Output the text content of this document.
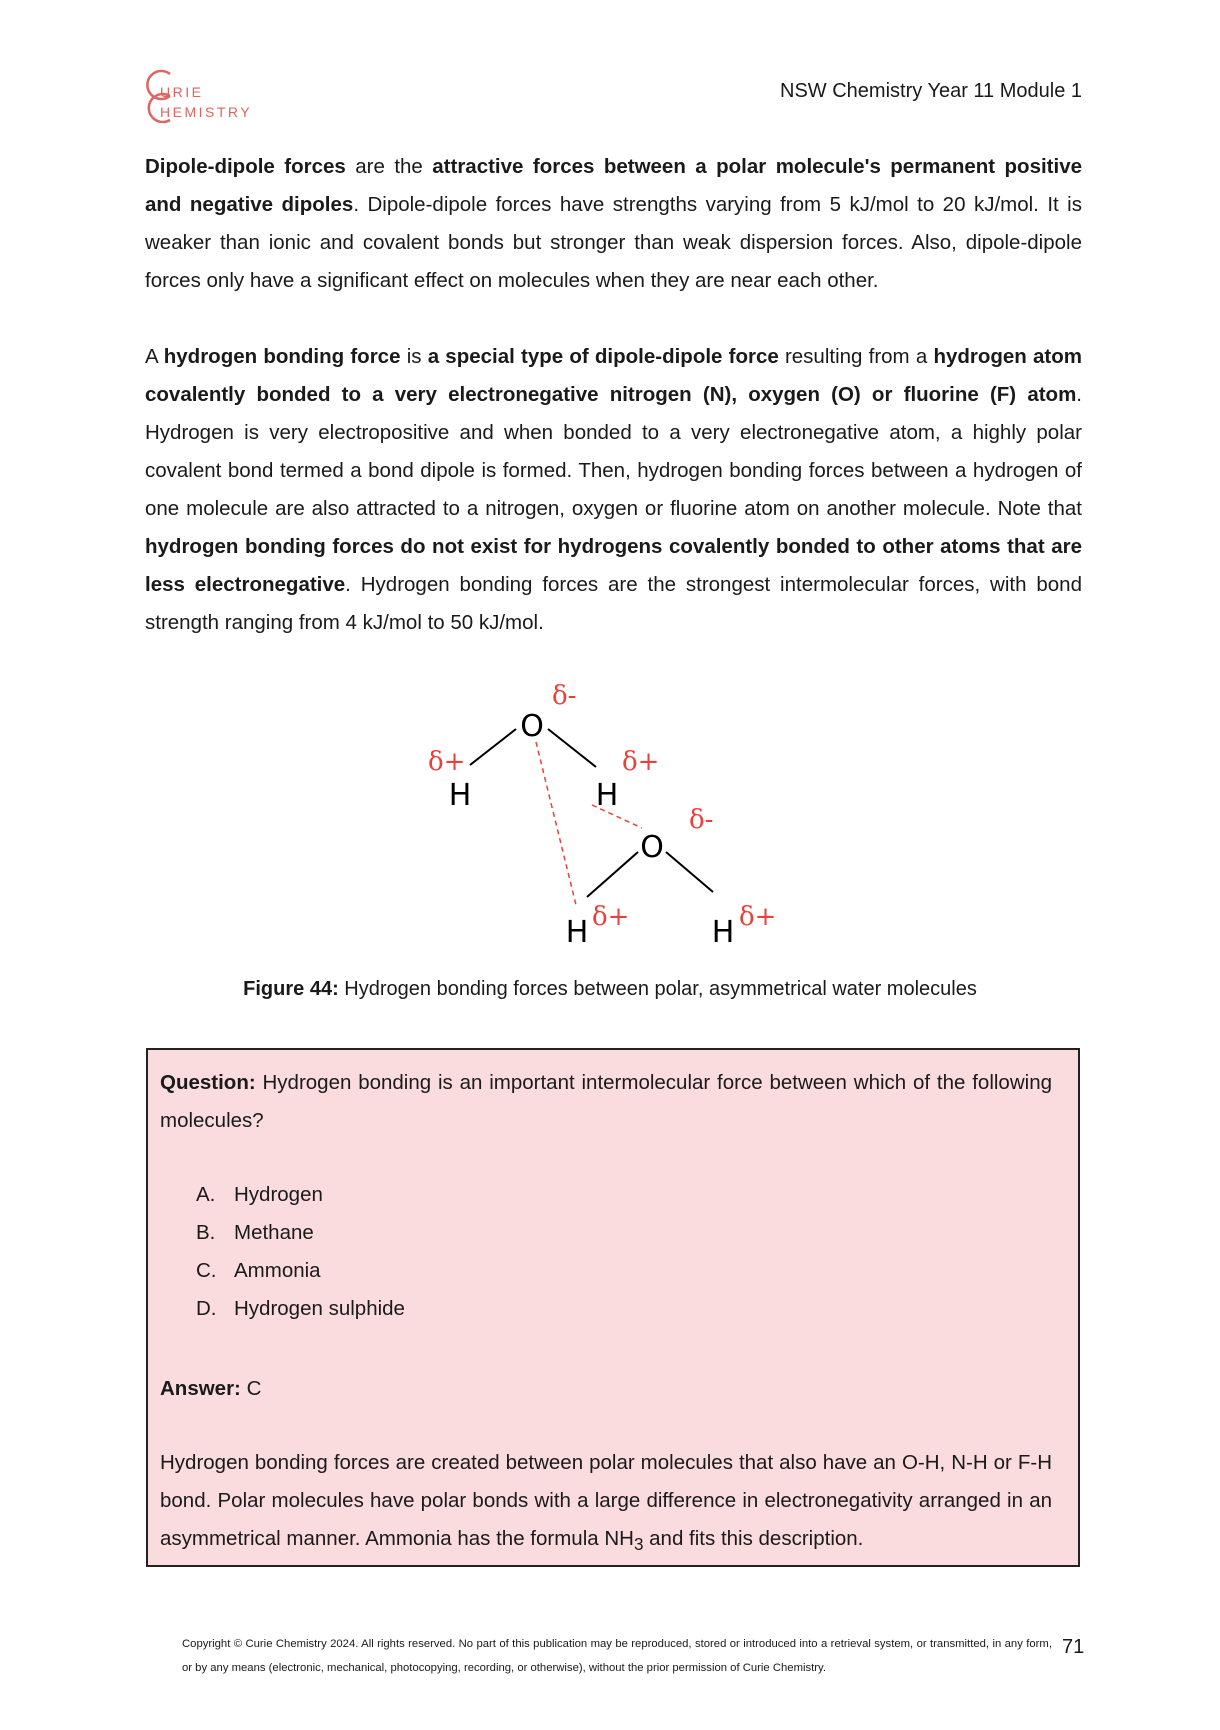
URIE
HEMISTRY
NSW Chemistry Year 11 Module 1

Dipole-dipole forces are the attractive forces between a polar molecule's permanent positive and negative dipoles. Dipole-dipole forces have strengths varying from 5 kJ/mol to 20 kJ/mol. It is weaker than ionic and covalent bonds but stronger than weak dispersion forces. Also, dipole-dipole forces only have a significant effect on molecules when they are near each other.

A hydrogen bonding force is a special type of dipole-dipole force resulting from a hydrogen atom covalently bonded to a very electronegative nitrogen (N), oxygen (O) or fluorine (F) atom. Hydrogen is very electropositive and when bonded to a very electronegative atom, a highly polar covalent bond termed a bond dipole is formed. Then, hydrogen bonding forces between a hydrogen of one molecule are also attracted to a nitrogen, oxygen or fluorine atom on another molecule. Note that hydrogen bonding forces do not exist for hydrogens covalently bonded to other atoms that are less electronegative. Hydrogen bonding forces are the strongest intermolecular forces, with bond strength ranging from 4 kJ/mol to 50 kJ/mol.

O
H	H
O
H	H
δ-
δ+	δ+
δ-
δ+	δ+
Figure 44: Hydrogen bonding forces between polar, asymmetrical water molecules
Question: Hydrogen bonding is an important intermolecular force between which of the following molecules?
A. Hydrogen
B. Methane
C. Ammonia
D. Hydrogen sulphide
Answer: C
Hydrogen bonding forces are created between polar molecules that also have an O-H, N-H or F-H bond. Polar molecules have polar bonds with a large difference in electronegativity arranged in an asymmetrical manner. Ammonia has the formula $NH_3$ and fits this description.
Copyright © Curie Chemistry 2024. All rights reserved. No part of this publication may be reproduced, stored or introduced into a retrieval system, or transmitted, in any form, or by any means (electronic, mechanical, photocopying, recording, or otherwise), without the prior permission of Curie Chemistry.
71
